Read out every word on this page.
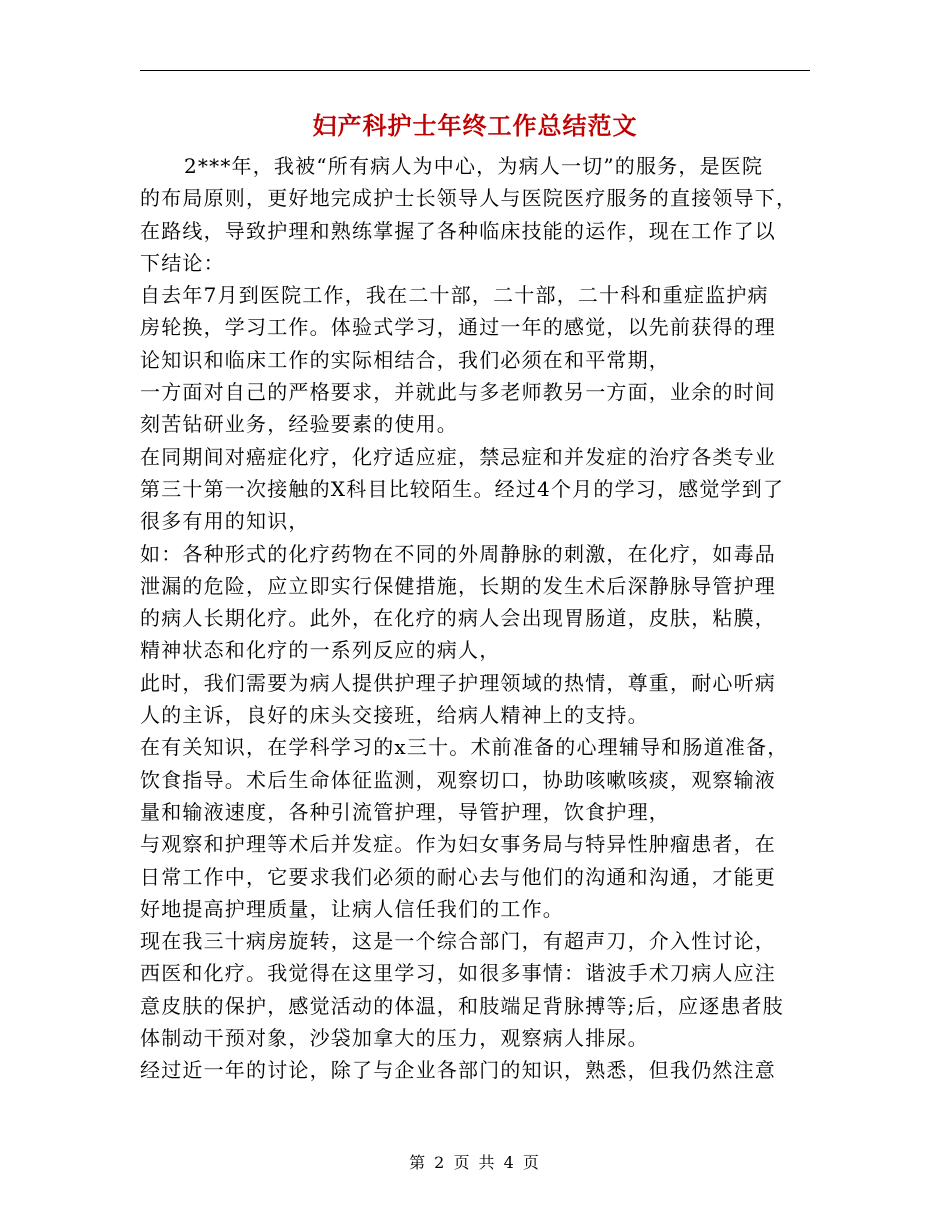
妇产科护士年终工作总结范文
2***年，我被“所有病人为中心，为病人一切”的服务，是医院
的布局原则，更好地完成护士长领导人与医院医疗服务的直接领导下，
在路线，导致护理和熟练掌握了各种临床技能的运作，现在工作了以
下结论：
自去年7月到医院工作，我在二十部，二十部，二十科和重症监护病
房轮换，学习工作。体验式学习，通过一年的感觉，以先前获得的理
论知识和临床工作的实际相结合，我们必须在和平常期，
一方面对自己的严格要求，并就此与多老师教另一方面，业余的时间
刻苦钻研业务，经验要素的使用。
在同期间对癌症化疗，化疗适应症，禁忌症和并发症的治疗各类专业
第三十第一次接触的X科目比较陌生。经过4个月的学习，感觉学到了
很多有用的知识，
如：各种形式的化疗药物在不同的外周静脉的刺激，在化疗，如毒品
泄漏的危险，应立即实行保健措施，长期的发生术后深静脉导管护理
的病人长期化疗。此外，在化疗的病人会出现胃肠道，皮肤，粘膜，
精神状态和化疗的一系列反应的病人，
此时，我们需要为病人提供护理子护理领域的热情，尊重，耐心听病
人的主诉，良好的床头交接班，给病人精神上的支持。
在有关知识，在学科学习的x三十。术前准备的心理辅导和肠道准备，
饮食指导。术后生命体征监测，观察切口，协助咳嗽咳痰，观察输液
量和输液速度，各种引流管护理，导管护理，饮食护理，
与观察和护理等术后并发症。作为妇女事务局与特异性肿瘤患者，在
日常工作中，它要求我们必须的耐心去与他们的沟通和沟通，才能更
好地提高护理质量，让病人信任我们的工作。
现在我三十病房旋转，这是一个综合部门，有超声刀，介入性讨论，
西医和化疗。我觉得在这里学习，如很多事情：谐波手术刀病人应注
意皮肤的保护，感觉活动的体温，和肢端足背脉搏等;后，应逐患者肢
体制动干预对象，沙袋加拿大的压力，观察病人排尿。
经过近一年的讨论，除了与企业各部门的知识，熟悉，但我仍然注意
第 2 页 共 4 页
